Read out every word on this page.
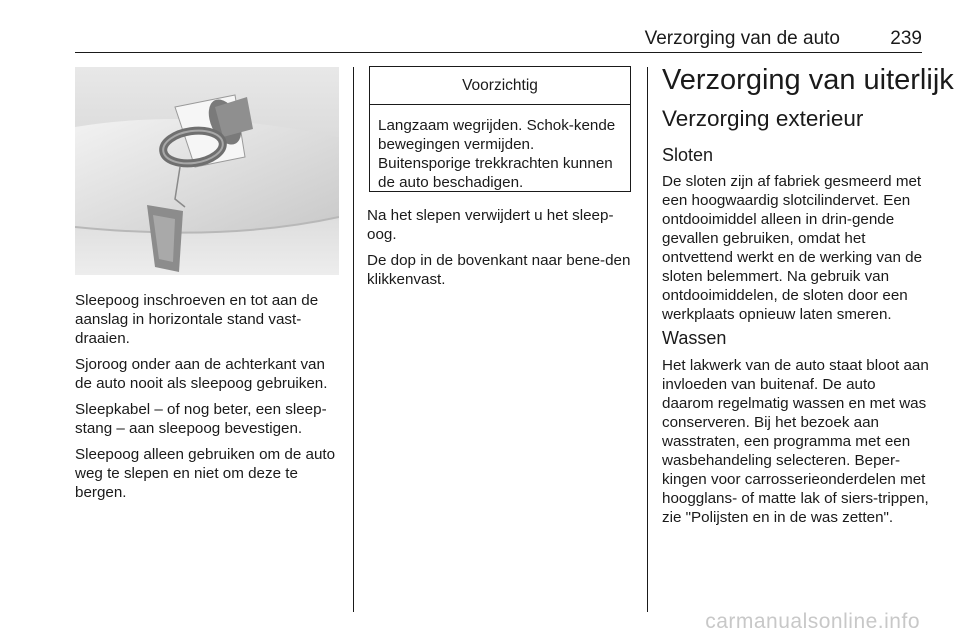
Verzorging van de auto	239

Sleepoog inschroeven en tot aan de aanslag in horizontale stand vast-
draaien.

Sjoroog onder aan de achterkant van de auto nooit als sleepoog gebruiken.

Sleepkabel – of nog beter, een sleep-stang – aan sleepoog bevestigen.

Sleepoog alleen gebruiken om de auto weg te slepen en niet om deze te bergen.

Voorzichtig
Langzaam wegrijden. Schok-kende bewegingen vermijden. Buitensporige trekkrachten kunnen de auto beschadigen.

Na het slepen verwijdert u het sleep-oog.

De dop in de bovenkant naar bene-den klikkenvast.

Verzorging van uiterlijk
Verzorging exterieur
Sloten

De sloten zijn af fabriek gesmeerd met een hoogwaardig slotcilindervet. Een ontdooimiddel alleen in drin-gende gevallen gebruiken, omdat het ontvettend werkt en de werking van de sloten belemmert. Na gebruik van ontdooimiddelen, de sloten door een werkplaats opnieuw laten smeren.

Wassen

Het lakwerk van de auto staat bloot aan invloeden van buitenaf. De auto daarom regelmatig wassen en met was conserveren. Bij het bezoek aan wasstraten, een programma met een wasbehandeling selecteren. Beper-kingen voor carrosserieonderdelen met hoogglans- of matte lak of siers-trippen, zie "Polijsten en in de was zetten".

carmanualsonline.info
